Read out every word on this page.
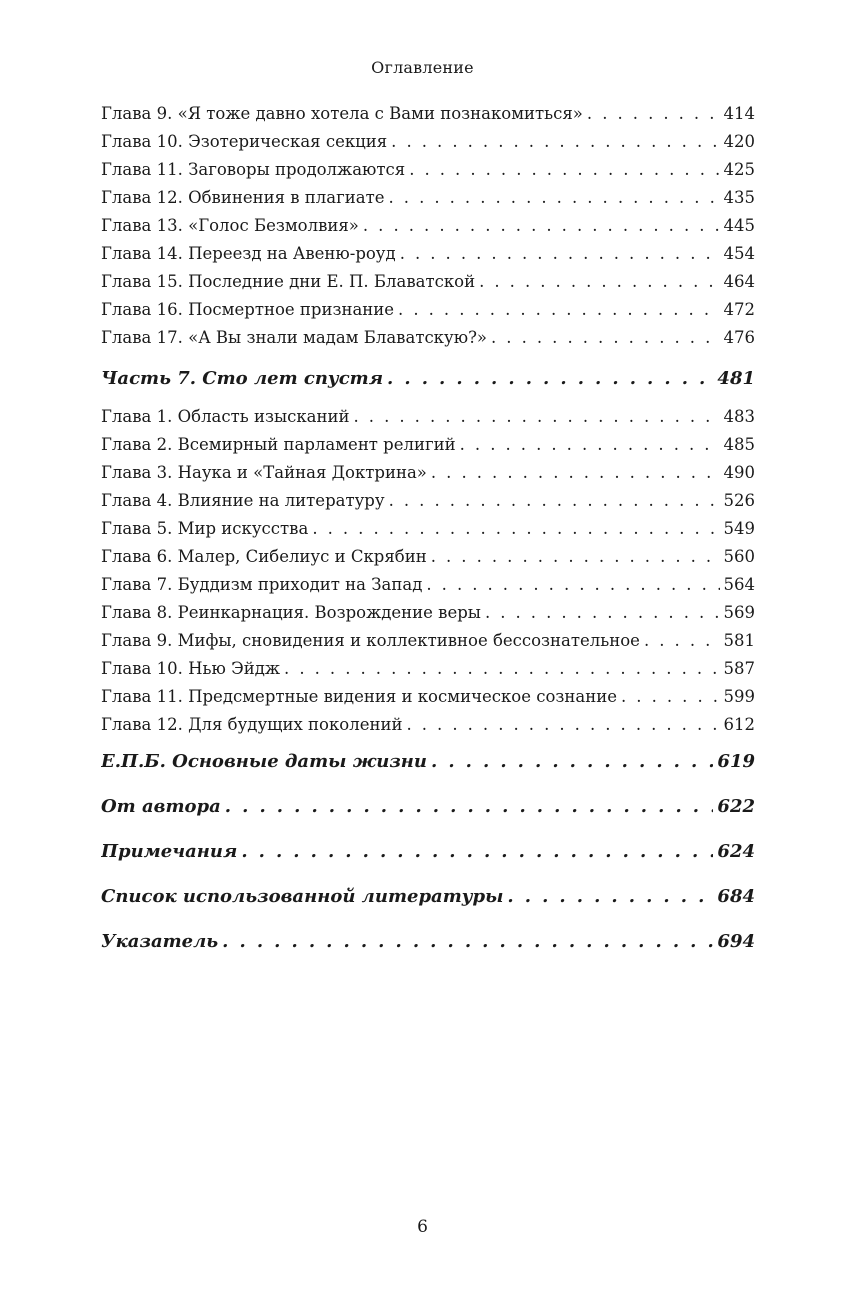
Оглавление
Глава 9. «Я тоже давно хотела с Вами познакомиться» . . .	414
Глава 10. Эзотерическая секция . . .	420
Глава 11. Заговоры продолжаются . . .	425
Глава 12. Обвинения в плагиате . . .	435
Глава 13. «Голос Безмолвия» . . .	445
Глава 14. Переезд на Авеню-роуд . . .	454
Глава 15. Последние дни Е. П. Блаватской . . .	464
Глава 16. Посмертное признание . . .	472
Глава 17. «А Вы знали мадам Блаватскую?» . . .	476
Часть 7. Сто лет спустя . . .	481
Глава 1. Область изысканий . . .	483
Глава 2. Всемирный парламент религий . . .	485
Глава 3. Наука и «Тайная Доктрина» . . .	490
Глава 4. Влияние на литературу . . .	526
Глава 5. Мир искусства . . .	549
Глава 6. Малер, Сибелиус и Скрябин . . .	560
Глава 7. Буддизм приходит на Запад . . .	564
Глава 8. Реинкарнация. Возрождение веры . . .	569
Глава 9. Мифы, сновидения и коллективное бессознательное . . .	581
Глава 10. Нью Эйдж . . .	587
Глава 11. Предсмертные видения и космическое сознание . . .	599
Глава 12. Для будущих поколений . . .	612
Е.П.Б. Основные даты жизни . . .	619
От автора . . .	622
Примечания . . .	624
Список использованной литературы . . .	684
Указатель . . .	694
6
